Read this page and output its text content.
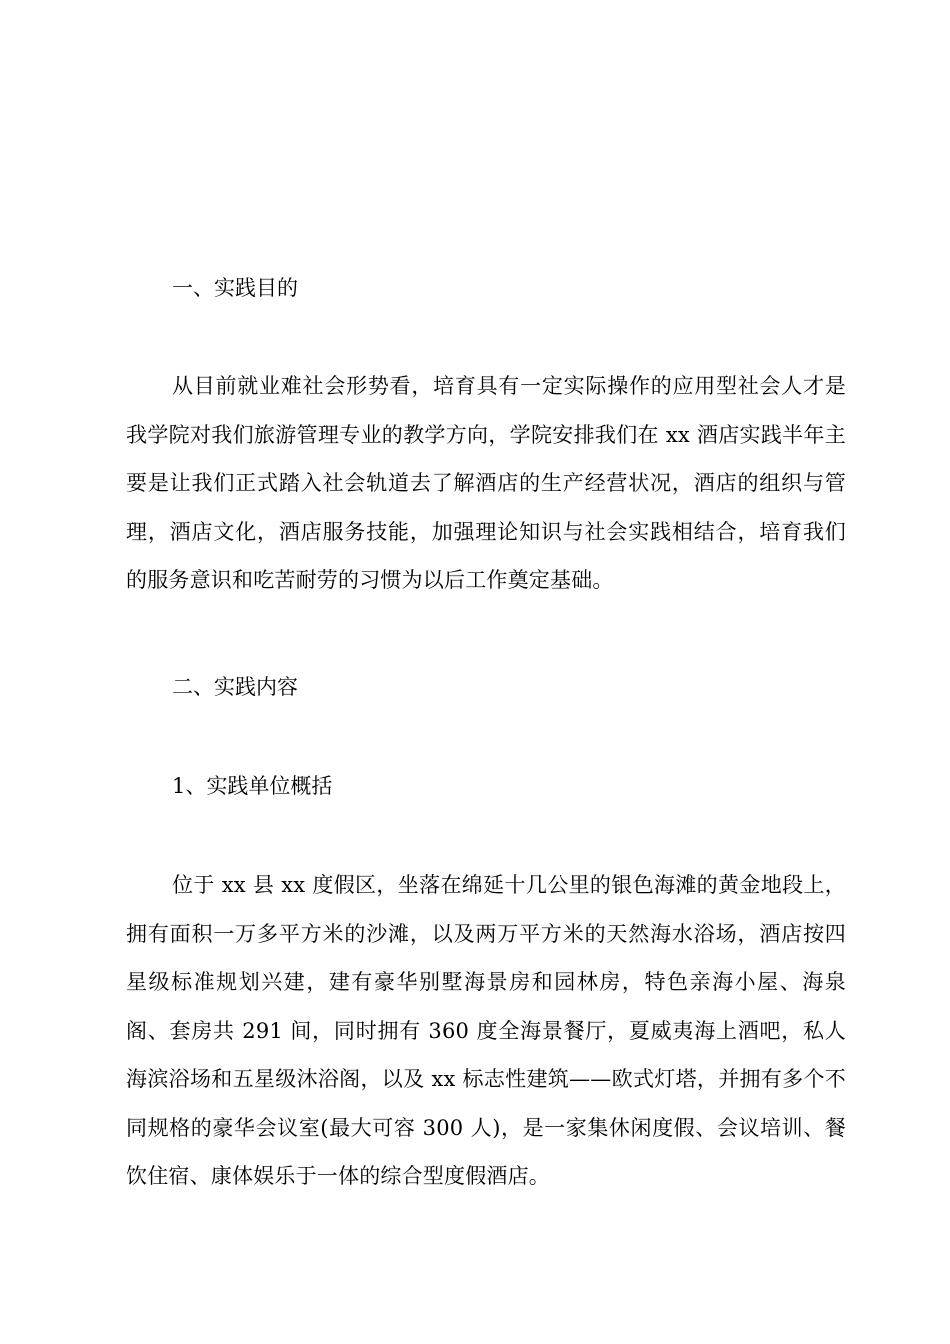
一、实践目的
从目前就业难社会形势看，培育具有一定实际操作的应用型社会人才是我学院对我们旅游管理专业的教学方向，学院安排我们在 xx 酒店实践半年主要是让我们正式踏入社会轨道去了解酒店的生产经营状况，酒店的组织与管理，酒店文化，酒店服务技能，加强理论知识与社会实践相结合，培育我们的服务意识和吃苦耐劳的习惯为以后工作奠定基础。
二、实践内容
1、实践单位概括
位于 xx 县 xx 度假区，坐落在绵延十几公里的银色海滩的黄金地段上，拥有面积一万多平方米的沙滩，以及两万平方米的天然海水浴场，酒店按四星级标准规划兴建，建有豪华别墅海景房和园林房，特色亲海小屋、海泉阁、套房共 291 间，同时拥有 360 度全海景餐厅，夏威夷海上酒吧，私人海滨浴场和五星级沐浴阁，以及 xx 标志性建筑——欧式灯塔，并拥有多个不同规格的豪华会议室(最大可容 300 人)，是一家集休闲度假、会议培训、餐饮住宿、康体娱乐于一体的综合型度假酒店。
